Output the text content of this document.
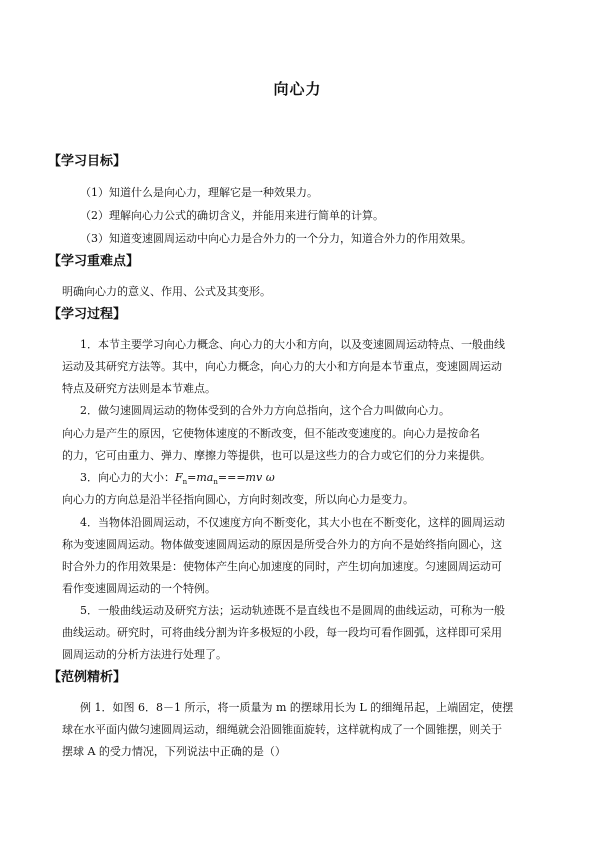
向心力
【学习目标】
（1）知道什么是向心力，理解它是一种效果力。
（2）理解向心力公式的确切含义，并能用来进行简单的计算。
（3）知道变速圆周运动中向心力是合外力的一个分力，知道合外力的作用效果。
【学习重难点】
明确向心力的意义、作用、公式及其变形。
【学习过程】
1．本节主要学习向心力概念、向心力的大小和方向，以及变速圆周运动特点、一般曲线
运动及其研究方法等。其中，向心力概念，向心力的大小和方向是本节重点，变速圆周运动
特点及研究方法则是本节难点。
2．做匀速圆周运动的物体受到的合外力方向总指向，这个合力叫做向心力。
向心力是产生的原因，它使物体速度的不断改变，但不能改变速度的。向心力是按命名
的力，它可由重力、弹力、摩擦力等提供，也可以是这些力的合力或它们的分力来提供。
3．向心力的大小：$F_n=ma_n===mv$ ω
向心力的方向总是沿半径指向圆心，方向时刻改变，所以向心力是变力。
4．当物体沿圆周运动，不仅速度方向不断变化，其大小也在不断变化，这样的圆周运动
称为变速圆周运动。物体做变速圆周运动的原因是所受合外力的方向不是始终指向圆心，这
时合外力的作用效果是：使物体产生向心加速度的同时，产生切向加速度。匀速圆周运动可
看作变速圆周运动的一个特例。
5．一般曲线运动及研究方法；运动轨迹既不是直线也不是圆周的曲线运动，可称为一般
曲线运动。研究时，可将曲线分割为许多极短的小段，每一段均可看作圆弧，这样即可采用
圆周运动的分析方法进行处理了。
【范例精析】
例 1．如图 6．8－1 所示，将一质量为 m 的摆球用长为 L 的细绳吊起，上端固定，使摆
球在水平面内做匀速圆周运动，细绳就会沿圆锥面旋转，这样就构成了一个圆锥摆，则关于
摆球 A 的受力情况，下列说法中正确的是（）
